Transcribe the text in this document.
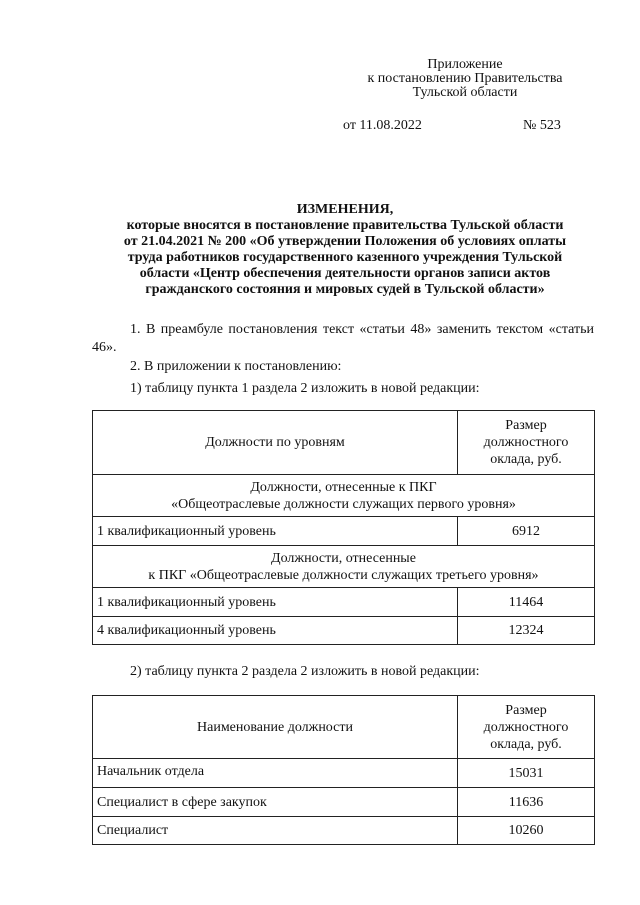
Приложение
к постановлению Правительства
Тульской области
от 11.08.2022	№ 523
ИЗМЕНЕНИЯ,
которые вносятся в постановление правительства Тульской области
от 21.04.2021 № 200 «Об утверждении Положения об условиях оплаты
труда работников государственного казенного учреждения Тульской
области «Центр обеспечения деятельности органов записи актов
гражданского состояния и мировых судей в Тульской области»
1. В преамбуле постановления текст «статьи 48» заменить текстом «статьи 46».
2. В приложении к постановлению:
1) таблицу пункта 1 раздела 2 изложить в новой редакции:
Должности по уровням	Размер
должностного
оклада, руб.

Должности, отнесенные к ПКГ
«Общеотраслевые должности служащих первого уровня»	

1 квалификационный уровень	6912

Должности, отнесенные
к ПКГ «Общеотраслевые должности служащих третьего уровня»	

1 квалификационный уровень	11464
4 квалификационный уровень	12324
2) таблицу пункта 2 раздела 2 изложить в новой редакции:
Наименование должности	Размер
должностного
оклада, руб.

Начальник отдела	15031
Специалист в сфере закупок	11636
Специалист	10260
